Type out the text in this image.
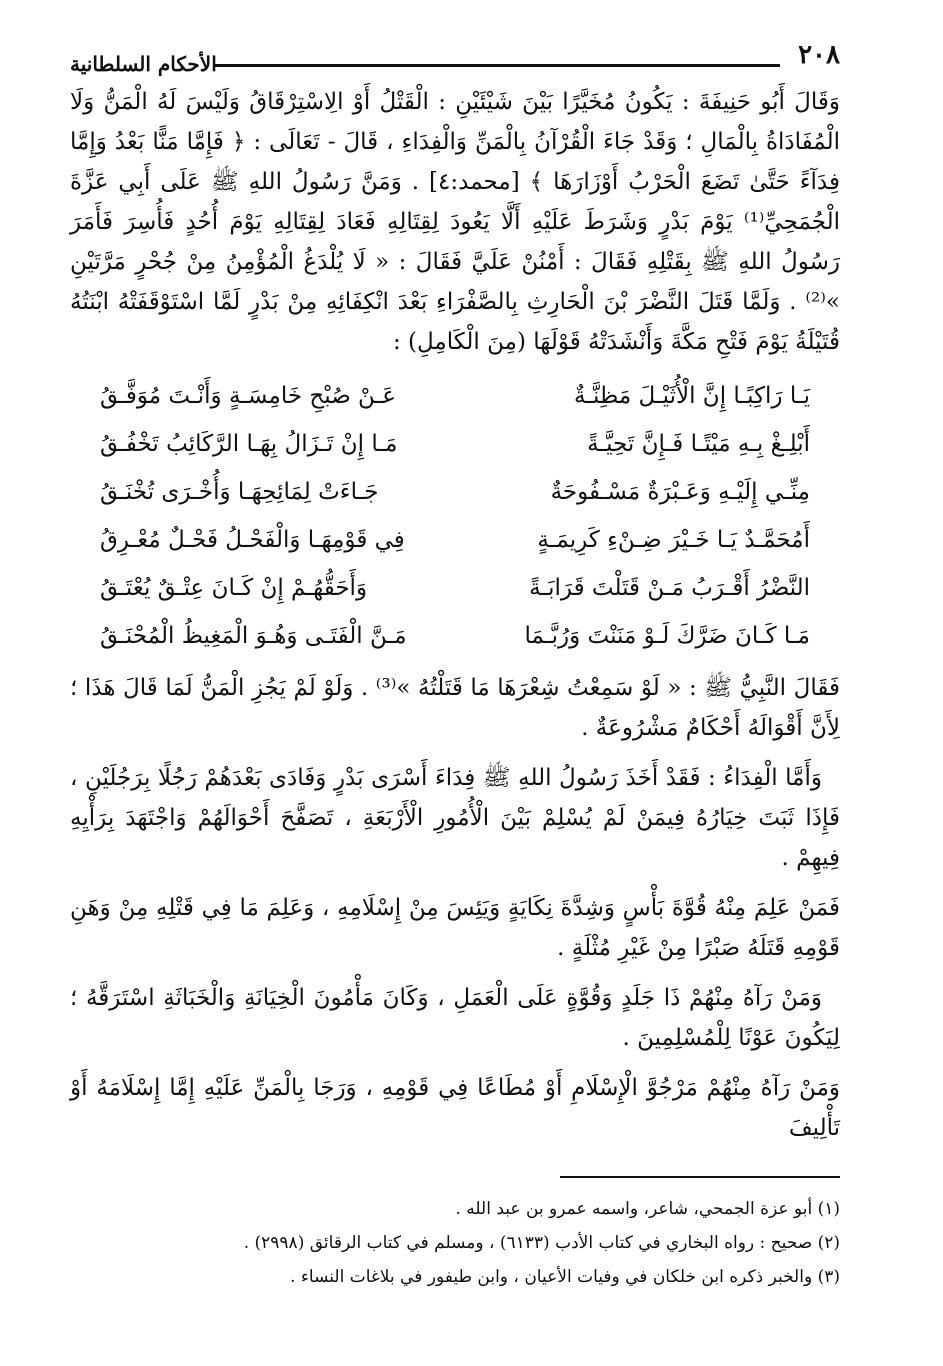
٢٠٨
الأحكام السلطانية

وَقَالَ أَبُو حَنِيفَةَ : يَكُونُ مُخَيَّرًا بَيْنَ شَيْئَيْنِ : الْقَتْلُ أَوْ الِاسْتِرْقَاقُ وَلَيْسَ لَهُ الْمَنُّ وَلَا الْمُفَادَاةُ بِالْمَالِ ؛ وَقَدْ جَاءَ الْقُرْآنُ بِالْمَنِّ وَالْفِدَاءِ ، قَالَ - تَعَالَى : ﴿ فَإِمَّا مَنًّا بَعْدُ وَإِمَّا فِدَآءً حَتَّىٰ تَضَعَ الْحَرْبُ أَوْزَارَهَا ﴾ [محمد:٤] . وَمَنَّ رَسُولُ اللهِ ﷺ عَلَى أَبِي عَزَّةَ الْجُمَحِيِّ⁽¹⁾ يَوْمَ بَدْرٍ وَشَرَطَ عَلَيْهِ أَلَّا يَعُودَ لِقِتَالِهِ فَعَادَ لِقِتَالِهِ يَوْمَ أُحُدٍ فَأُسِرَ فَأَمَرَ رَسُولُ اللهِ ﷺ بِقَتْلِهِ فَقَالَ : أَمْنُنْ عَلَيَّ فَقَالَ : « لَا يُلْدَغُ الْمُؤْمِنُ مِنْ جُحْرٍ مَرَّتَيْنِ »⁽²⁾ . وَلَمَّا قَتَلَ النَّضْرَ بْنَ الْحَارِثِ بِالصَّفْرَاءِ بَعْدَ انْكِفَائِهِ مِنْ بَدْرٍ لَمَّا اسْتَوْقَفَتْهُ ابْنَتُهُ قُتَيْلَةُ يَوْمَ فَتْحِ مَكَّةَ وَأَنْشَدَتْهُ قَوْلَهَا (مِنَ الْكَامِلِ) :

يَـا رَاكِبًـا إِنَّ الْأُثَيْـلَ مَظِنَّـةٌ
عَـنْ صُبْحِ خَامِسَـةٍ وَأَنْـتَ مُوَفَّـقُ
أَبْلِـغْ بِـهِ مَيْتًـا فَـإِنَّ تَحِيَّـةً
مَـا إِنْ تَـزَالُ بِهَـا الرَّكَائِبُ تَخْفُـقُ
مِنِّـي إِلَيْـهِ وَعَـبْرَةٌ مَسْـفُوحَةٌ
جَـاءَتْ لِمَائِحِهَـا وَأُخْـرَى تُخْنَـقُ
أَمُحَمَّـدٌ يَـا خَـيْرَ ضِـنْءِ كَرِيمَـةٍ
فِي قَوْمِهَـا وَالْفَحْـلُ فَحْـلٌ مُعْـرِقُ
النَّضْرُ أَقْـرَبُ مَـنْ قَتَلْتَ قَرَابَـةً
وَأَحَقُّهُـمْ إِنْ كَـانَ عِتْـقٌ يُعْتَـقُ
مَـا كَـانَ ضَرَّكَ لَـوْ مَنَنْتَ وَرُبَّـمَا
مَـنَّ الْفَتَـى وَهُـوَ الْمَغِيظُ الْمُحْنَـقُ

فَقَالَ النَّبِيُّ ﷺ : « لَوْ سَمِعْتُ شِعْرَهَا مَا قَتَلْتُهُ »⁽³⁾ . وَلَوْ لَمْ يَجُزِ الْمَنُّ لَمَا قَالَ هَذَا ؛ لِأَنَّ أَقْوَالَهُ أَحْكَامٌ مَشْرُوعَةٌ .

وَأَمَّا الْفِدَاءُ : فَقَدْ أَخَذَ رَسُولُ اللهِ ﷺ فِدَاءَ أَسْرَى بَدْرٍ وَفَادَى بَعْدَهُمْ رَجُلًا بِرَجُلَيْنِ ، فَإِذَا ثَبَتَ خِيَارُهُ فِيمَنْ لَمْ يُسْلِمْ بَيْنَ الْأُمُورِ الْأَرْبَعَةِ ، تَصَفَّحَ أَحْوَالَهُمْ وَاجْتَهَدَ بِرَأْيِهِ فِيهِمْ .

فَمَنْ عَلِمَ مِنْهُ قُوَّةَ بَأْسٍ وَشِدَّةَ نِكَايَةٍ وَيَئِسَ مِنْ إِسْلَامِهِ ، وَعَلِمَ مَا فِي قَتْلِهِ مِنْ وَهَنِ قَوْمِهِ قَتَلَهُ صَبْرًا مِنْ غَيْرِ مُثْلَةٍ .

وَمَنْ رَآهُ مِنْهُمْ ذَا جَلَدٍ وَقُوَّةٍ عَلَى الْعَمَلِ ، وَكَانَ مَأْمُونَ الْخِيَانَةِ وَالْخَبَاثَةِ اسْتَرَقَّهُ ؛ لِيَكُونَ عَوْنًا لِلْمُسْلِمِينَ .

وَمَنْ رَآهُ مِنْهُمْ مَرْجُوَّ الْإِسْلَامِ أَوْ مُطَاعًا فِي قَوْمِهِ ، وَرَجَا بِالْمَنِّ عَلَيْهِ إِمَّا إِسْلَامَهُ أَوْ تَأْلِيفَ

(١) أبو عزة الجمحي، شاعر، واسمه عمرو بن عبد الله .
(٢) صحيح : رواه البخاري في كتاب الأدب (٦١٣٣) ، ومسلم في كتاب الرقائق (٢٩٩٨) .
(٣) والخبر ذكره ابن خلكان في وفيات الأعيان ، وابن طيفور في بلاغات النساء .
